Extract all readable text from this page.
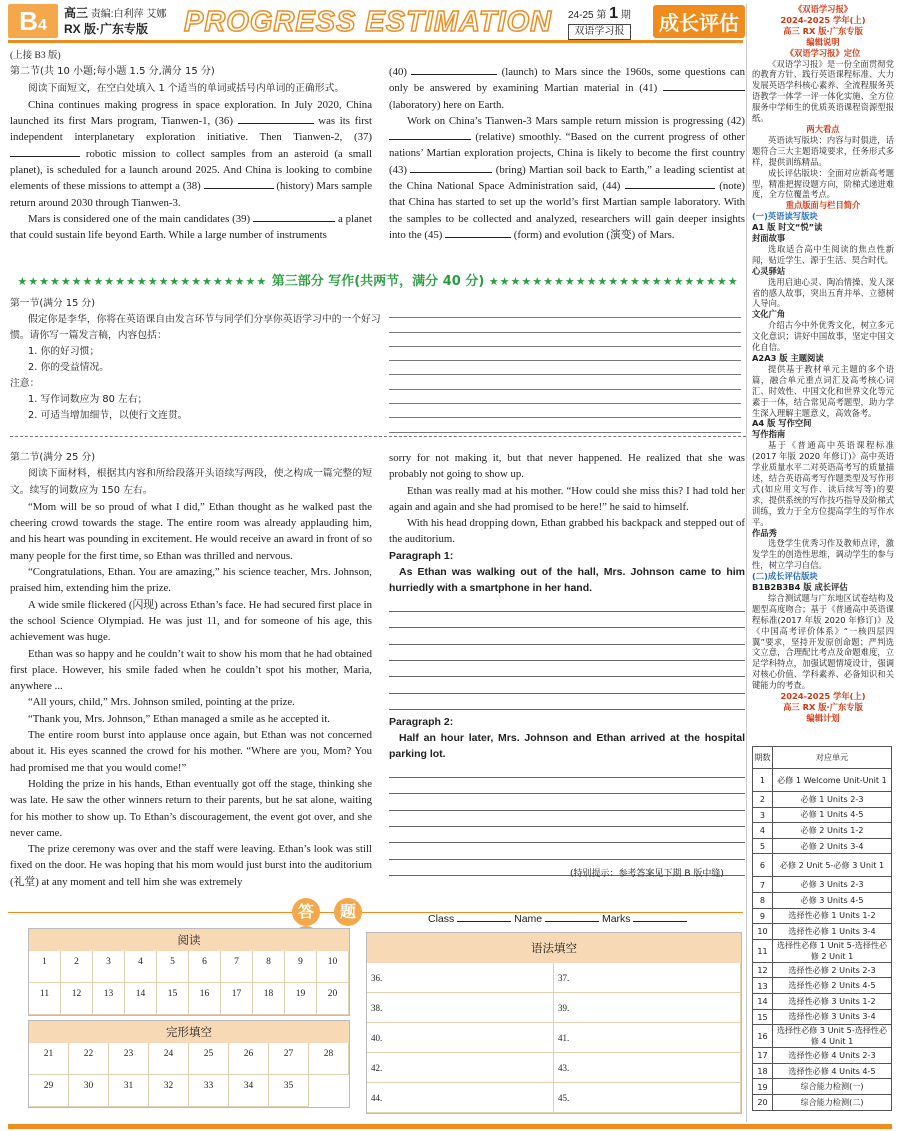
B4
高三 责编:白利萍 艾娜
RX 版·广东专版	PROGRESS ESTIMATION 24-25 第 1 期
双语学习报	成长评估
(上接 B3 版)
第二节(共 10 小题;每小题 1.5 分,满分 15 分)

阅读下面短文，在空白处填入 1 个适当的单词或括号内单词的正确形式。

China continues making progress in space exploration. In July 2020, China launched its first Mars program, Tianwen-1, (36)	was its first independent interplanetary exploration initiative. Then Tianwen-2, (37)  robotic mission to collect samples from an asteroid (a small planet), is scheduled for a launch around 2025. And China is looking to combine elements of these missions to attempt a (38)	(history) Mars sample return around 2030 through Tianwen-3.

Mars is considered one of the main candidates (39)	a planet that could sustain life beyond Earth. While a large number of instruments

(40)	(launch) to Mars since the 1960s, some questions can only be answered by examining Martian material in (41)  (laboratory) here on Earth.

Work on China’s Tianwen-3 Mars sample return mission is progressing (42)  (relative) smoothly. “Based on the current progress of other nations’ Martian exploration projects, China is likely to become the first country (43)	(bring) Martian soil back to Earth,” a leading scientist at the China National Space Administration said, (44)	(note) that China has started to set up the world’s first Martian sample laboratory. With the samples to be collected and analyzed, researchers will gain deeper insights into the (45)	(form) and evolution (演变) of Mars.

★★★★★★★★★★★★★★★★★★★★★★★ 第三部分 写作(共两节，满分 40 分) ★★★★★★★★★★★★★★★★★★★★★★★
第一节(满分 15 分)
假定你是李华，你将在英语课自由发言环节与同学们分享你英语学习中的一个好习惯。请你写一篇发言稿，内容包括：
1. 你的好习惯；
2. 你的受益情况。
注意：
1. 写作词数应为 80 左右；
2. 可适当增加细节，以使行文连贯。
第二节(满分 25 分)

阅读下面材料，根据其内容和所给段落开头语续写两段，使之构成一篇完整的短文。续写的词数应为 150 左右。

“Mom will be so proud of what I did,” Ethan thought as he walked past the cheering crowd towards the stage. The entire room was already applauding him, and his heart was pounding in excitement. He would receive an award in front of so many people for the first time, so Ethan was thrilled and nervous.

“Congratulations, Ethan. You are amazing,” his science teacher, Mrs. Johnson, praised him, extending him the prize.

A wide smile flickered (闪现) across Ethan’s face. He had secured first place in the school Science Olympiad. He was just 11, and for someone of his age, this achievement was huge.

Ethan was so happy and he couldn’t wait to show his mom that he had obtained first place. However, his smile faded when he couldn’t spot his mother, Maria, anywhere ...

“All yours, child,” Mrs. Johnson smiled, pointing at the prize.

“Thank you, Mrs. Johnson,” Ethan managed a smile as he accepted it.

The entire room burst into applause once again, but Ethan was not concerned about it. His eyes scanned the crowd for his mother. “Where are you, Mom? You had promised me that you would come!”

Holding the prize in his hands, Ethan eventually got off the stage, thinking she was late. He saw the other winners return to their parents, but he sat alone, waiting for his mother to show up. To Ethan’s discouragement, the event got over, and she never came.

The prize ceremony was over and the staff were leaving. Ethan’s look was still fixed on the door. He was hoping that his mom would just burst into the auditorium (礼堂) at any moment and tell him she was extremely

sorry for not making it, but that never happened. He realized that she was probably not going to show up.

Ethan was really mad at his mother. “How could she miss this? I had told her again and again and she had promised to be here!” he said to himself.

With his head dropping down, Ethan grabbed his backpack and stepped out of the auditorium.

Paragraph 1:
As Ethan was walking out of the hall, Mrs. Johnson came to him hurriedly with a smartphone in her hand.
Paragraph 2:
Half an hour later, Mrs. Johnson and Ethan arrived at the hospital parking lot.
(特别提示：参考答案见下期 B 版中缝)
答 题	Class	Name	Marks
阅读
1	2	3	4	5	6	7	8	9	10
11	12	13	14	15	16	17	18	19	20
完形填空
21	22	23	24	25	26	27	28
29	30	31	32	33	34	35
语法填空
36.	37.
38.	39.
40.	41.
42.	43.
44.	45.
《双语学习报》
2024-2025 学年(上)
高三 RX 版·广东专版
编辑说明
《双语学习报》定位

《双语学习报》是一份全面贯彻党的教育方针、践行英语课程标准、大力发展英语学科核心素养、全流程服务英语教学一体学一评一体化实施、全方位服务中学师生的优质英语课程资源型报纸。

两大看点

英语读写版块：内容与时俱进，话题符合三大主题语境要求，任务形式多样，提供训练精品。

成长评估版块：全面对应新高考题型，精准把握设题方向，阶梯式递进难度，全方位覆盖考点。

重点版面与栏目简介
(一)英语读写版块
A1 版 时文“悦”读
封面故事

选取适合高中生阅读的焦点性新闻，贴近学生、源于生活、契合时代。

心灵驿站

选用启迪心灵、陶冶情操、发人深省的感人故事，突出五育并举、立德树人导向。

文化广角

介绍古今中外优秀文化，树立多元文化意识；讲好中国故事，坚定中国文化自信。

A2A3 版 主题阅读

提供基于教材单元主题的多个语篇，融合单元重点词汇及高考核心词汇、时效性、中国文化和世界文化等元素于一体，结合常见高考题型，助力学生深入理解主题意义，高效备考。

A4 版 写作空间
写作指南

基于《普通高中英语课程标准(2017 年版 2020 年修订)》高中英语学业质量水平二对英语高考写的质量描述，结合英语高考写作题类型及写作形式(如应用文写作、读后续写等)的要求，提供系统的写作技巧指导及阶梯式训练，致力于全方位提高学生的写作水平。

作品秀

选登学生优秀习作及教师点评，激发学生的创造性思维，调动学生的参与性，树立学习自信。

(二)成长评估版块
B1B2B3B4 版 成长评估

综合测试题与广东地区试卷结构及题型高度吻合；基于《普通高中英语课程标准(2017 年版 2020 年修订)》及《中国高考评价体系》“一核四层四翼”要求，坚持开发原创命题；严判选文立意，合理配比考点及命题难度，立足学科特点，加强试题情境设计，强调对核心价值、学科素养、必备知识和关键能力的考查。

2024-2025 学年(上)
高三 RX 版·广东专版
编辑计划
期数	对应单元
1	必修 1 Welcome Unit-Unit 1
2	必修 1 Units 2-3
3	必修 1 Units 4-5
4	必修 2 Units 1-2
5	必修 2 Units 3-4
6	必修 2 Unit 5-必修 3 Unit 1
7	必修 3 Units 2-3
8	必修 3 Units 4-5
9	选择性必修 1 Units 1-2
10	选择性必修 1 Units 3-4
11	选择性必修 1 Unit 5-选择性必修 2 Unit 1
12	选择性必修 2 Units 2-3
13	选择性必修 2 Units 4-5
14	选择性必修 3 Units 1-2
15	选择性必修 3 Units 3-4
16	选择性必修 3 Unit 5-选择性必修 4 Unit 1
17	选择性必修 4 Units 2-3
18	选择性必修 4 Units 4-5
19	综合能力检测(一)
20	综合能力检测(二)
